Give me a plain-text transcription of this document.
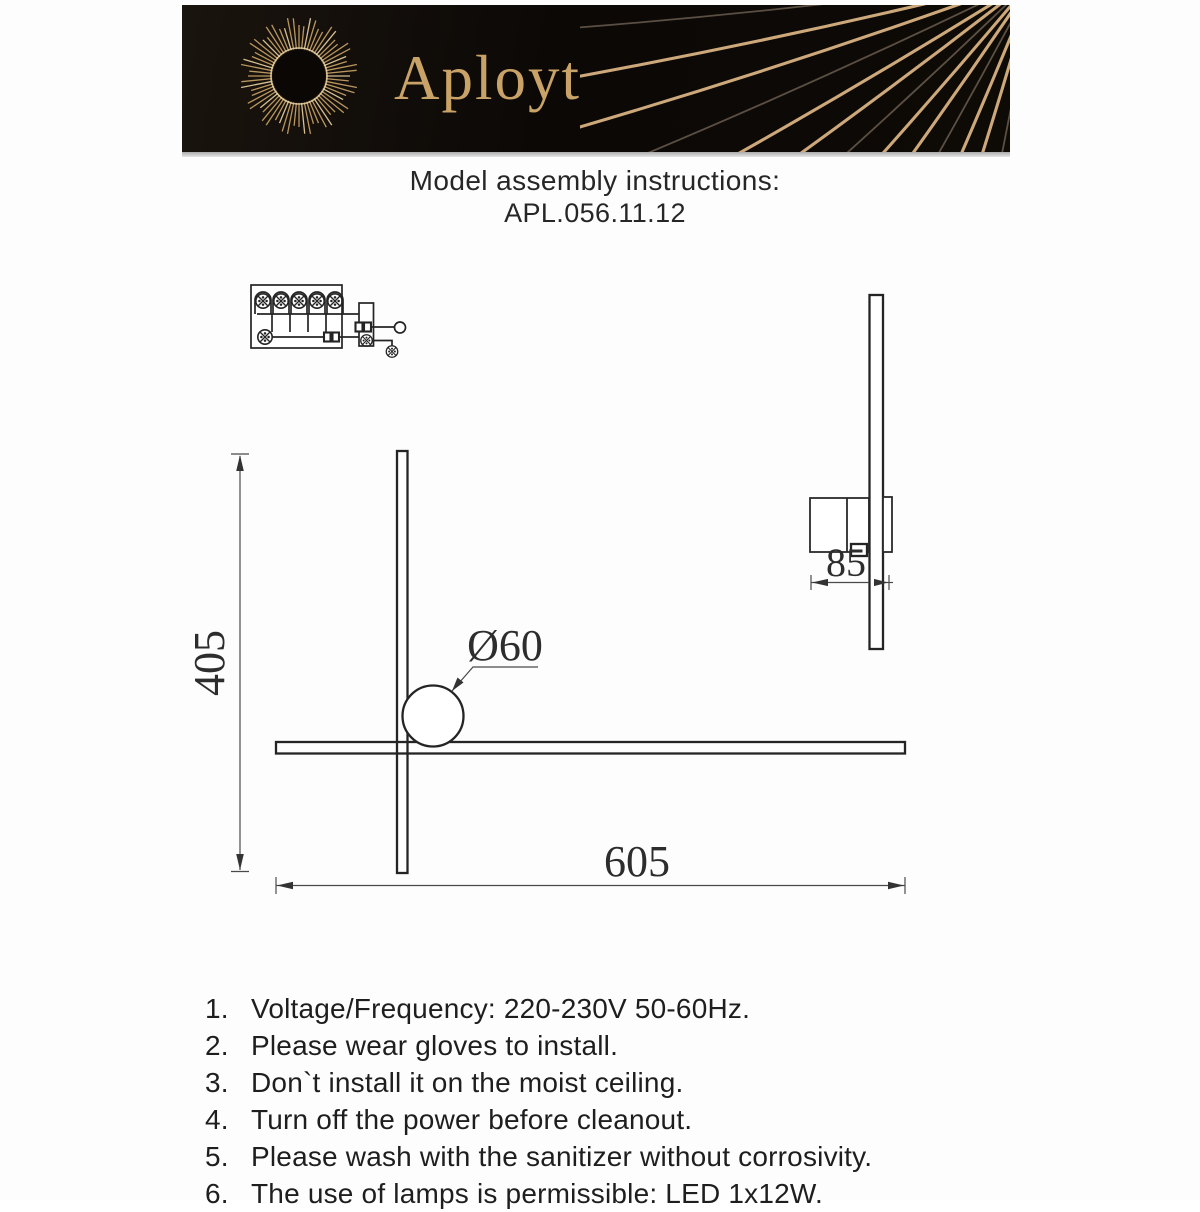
Aployt
Model assembly instructions:
APL.056.11.12
405
605
Ø60
85
1. Voltage/Frequency: 220-230V 50-60Hz.
2. Please wear gloves to install.
3. Don`t install it on the moist ceiling.
4. Turn off the power before cleanout.
5. Please wash with the sanitizer without corrosivity.
6. The use of lamps is permissible: LED 1x12W.
